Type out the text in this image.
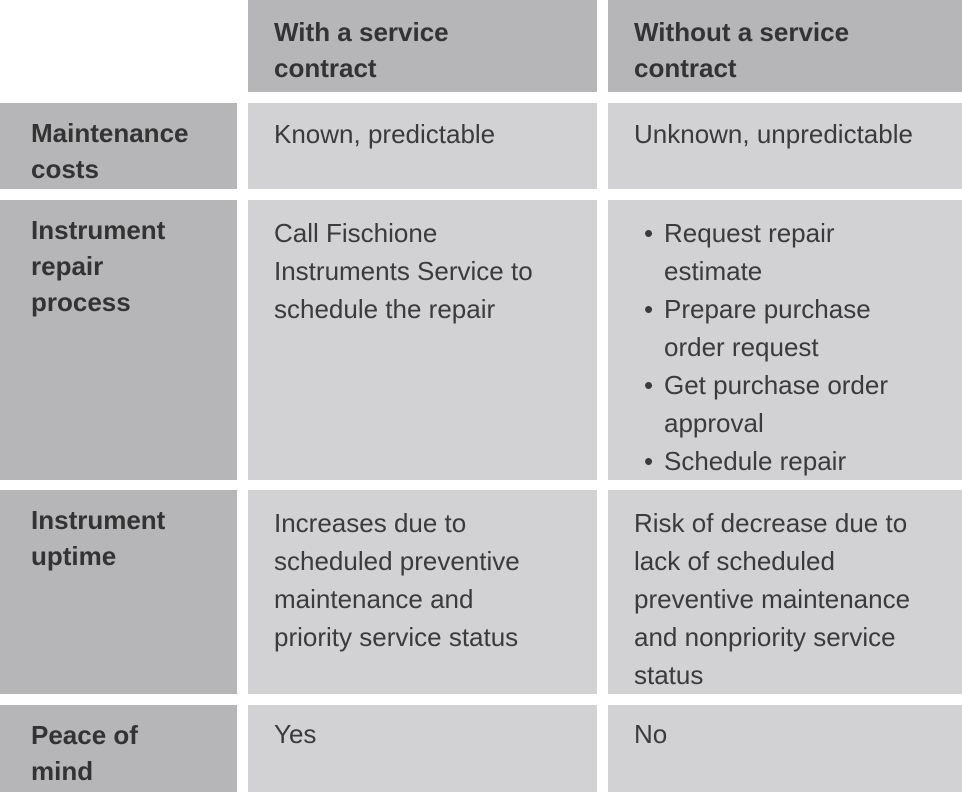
With a service contract
Without a service contract
Maintenance costs
Known, predictable	Unknown, unpredictable
Instrument repair process
Call Fischione Instruments Service to schedule the repair
• Request repair estimate
• Prepare purchase order request
• Get purchase order approval
• Schedule repair
Instrument uptime
Increases due to scheduled preventive maintenance and priority service status
Risk of decrease due to lack of scheduled preventive maintenance and nonpriority service status
Peace of mind
Yes	No
